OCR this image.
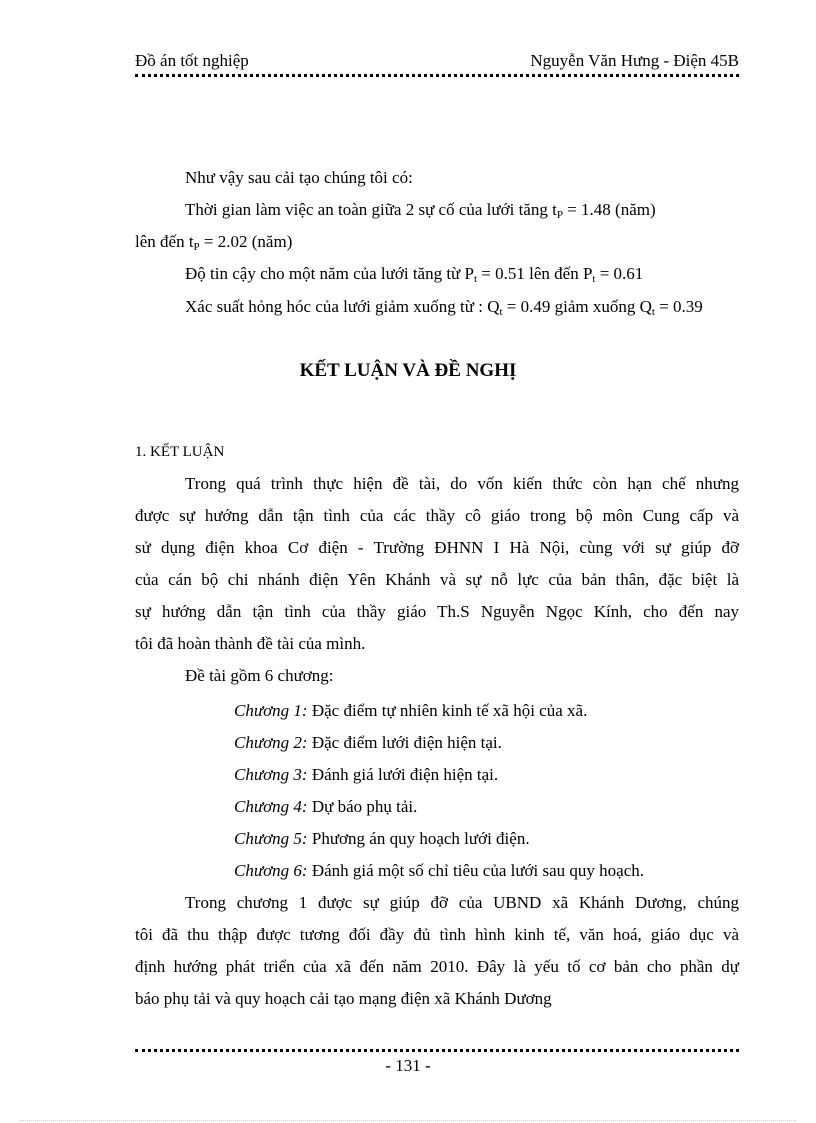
Đồ án tốt nghiệp	Nguyễn Văn Hưng - Điện 45B
Như vậy sau cải tạo chúng tôi có:
Thời gian làm việc an toàn giữa 2 sự cố của lưới tăng $t_P = 1.48$ (năm)
lên đến $t_P = 2.02$ (năm)
Độ tin cậy cho một năm của lưới tăng từ $P_t = 0.51$ lên đến $P_t = 0.61$
Xác suất hỏng hóc của lưới giảm xuống từ : $Q_t = 0.49$ giảm xuống $Q_t = 0.39$
KẾT LUẬN VÀ ĐỀ NGHỊ
1. KẾT LUẬN
Trong quá trình thực hiện đề tài, do vốn kiến thức còn hạn chế nhưng
được sự hướng dẫn tận tình của các thầy cô giáo trong bộ môn Cung cấp và
sử dụng điện khoa Cơ điện - Trường ĐHNN I Hà Nội, cùng với sự giúp đỡ
của cán bộ chi nhánh điện Yên Khánh và sự nỗ lực của bản thân, đặc biệt là
sự hướng dẫn tận tình của thầy giáo Th.S Nguyễn Ngọc Kính, cho đến nay
tôi đã hoàn thành đề tài của mình.
Đề tài gồm 6 chương:
Chương 1: Đặc điểm tự nhiên kinh tế xã hội của xã.
Chương 2: Đặc điểm lưới điện hiện tại.
Chương 3: Đánh giá lưới điện hiện tại.
Chương 4: Dự báo phụ tải.
Chương 5: Phương án quy hoạch lưới điện.
Chương 6: Đánh giá một số chỉ tiêu của lưới sau quy hoạch.
Trong chương 1 được sự giúp đỡ của UBND xã Khánh Dương, chúng
tôi đã thu thập được tương đối đầy đủ tình hình kinh tế, văn hoá, giáo dục và
định hướng phát triển của xã đến năm 2010. Đây là yếu tố cơ bản cho phần dự
báo phụ tải và quy hoạch cải tạo mạng điện xã Khánh Dương
- 131 -
